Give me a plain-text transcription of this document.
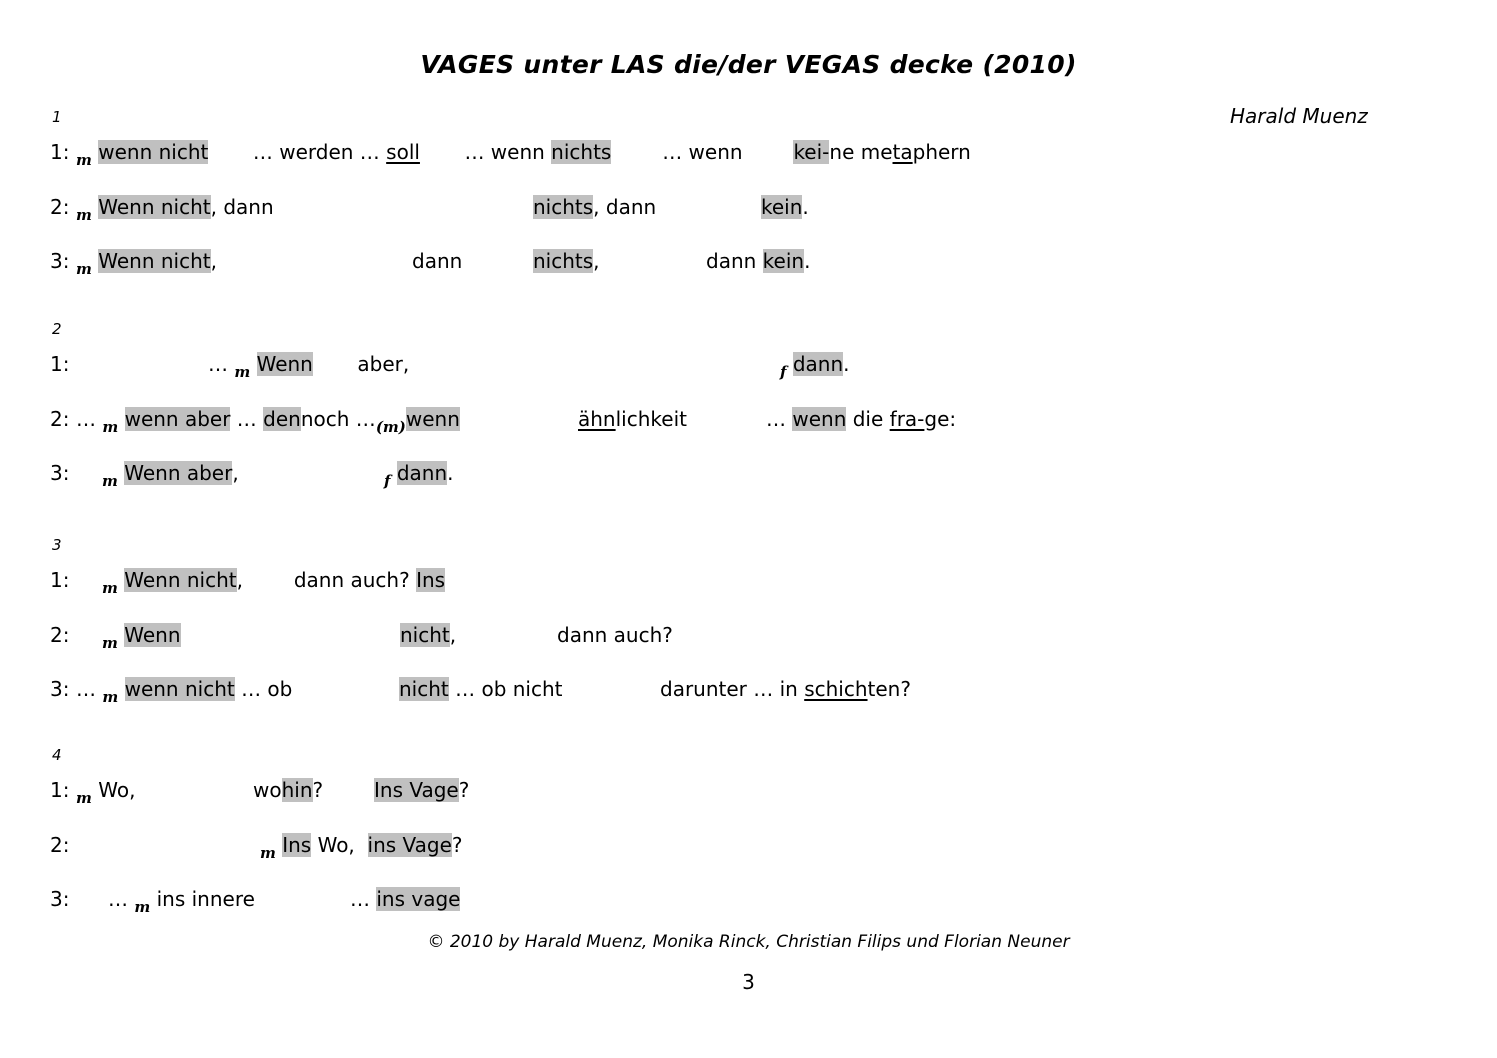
VAGES unter LAS die/der VEGAS decke (2010)
Harald Muenz
1
1: $_m$ wenn nicht       … werden … soll       … wenn nichts        … wenn        kei-ne metaphern
2: $_m$ Wenn nicht, dann	nichts, dann	kein.
3: $_m$ Wenn nicht,	dann	nichts,	dann kein.
2
1:	… $_m$ Wenn       aber,	$_f$ dann.
2: … $_m$ wenn aber … dennoch $\dots_{(m)}wenn$	ähnlichkeit	… wenn die fra-ge:
3: $_m$ Wenn aber,	$_f$ dann.
3
1: $_m$ Wenn nicht,        dann auch? Ins
2: $_m$ Wenn	nicht,	dann auch?
3: … $_m$ wenn nicht … ob	nicht … ob nicht	darunter … in schichten?
4
1: $_m$ Wo,	wohin?	Ins Vage?
2:	$_m$ Ins Wo,  ins Vage?
3: … $_m$ ins innere	… ins vage
© 2010 by Harald Muenz, Monika Rinck, Christian Filips und Florian Neuner
3
